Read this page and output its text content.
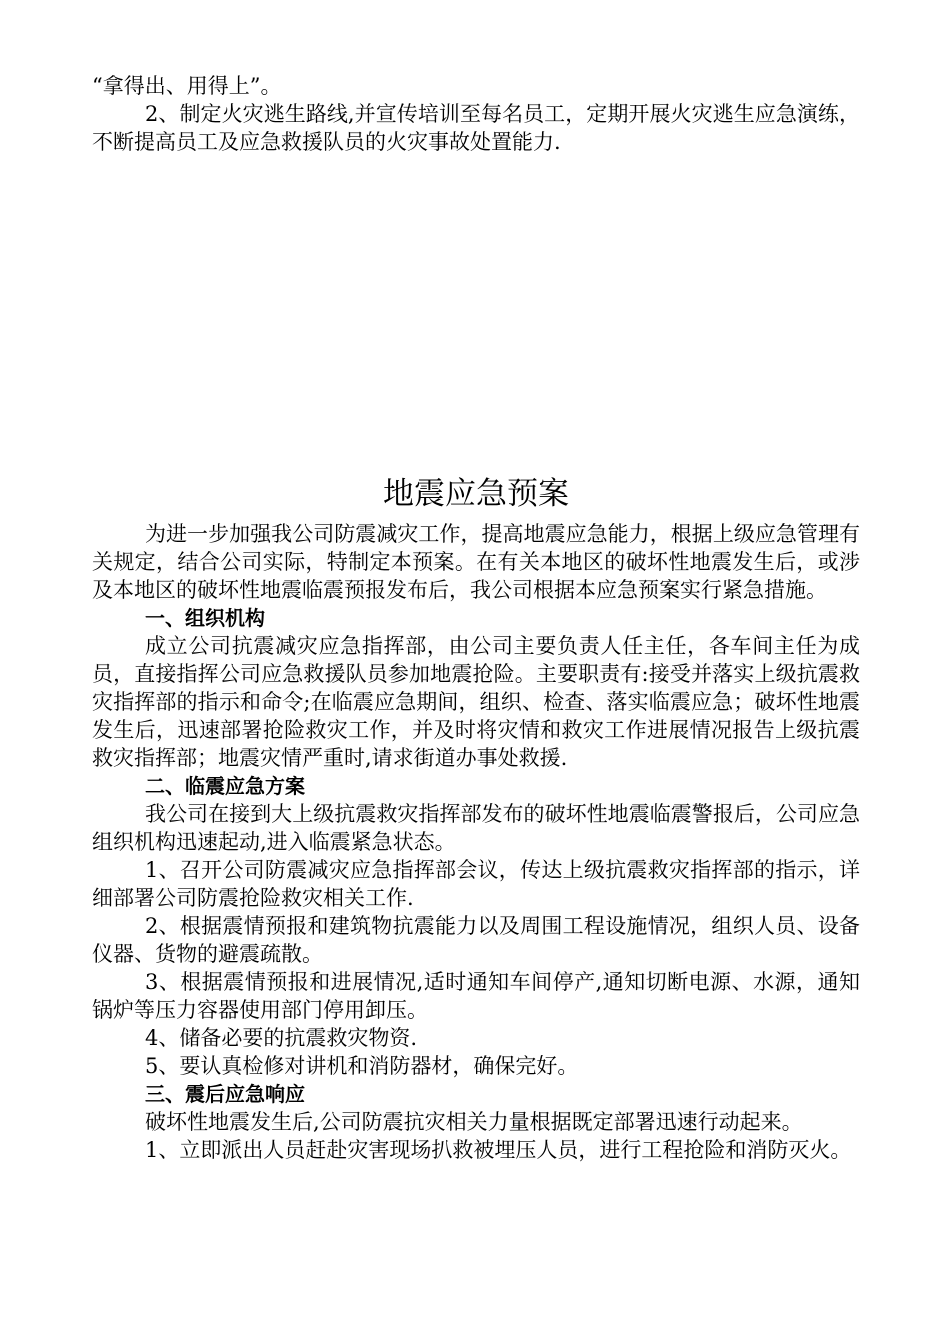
“拿得出、用得上”。

2、制定火灾逃生路线,并宣传培训至每名员工，定期开展火灾逃生应急演练，不断提高员工及应急救援队员的火灾事故处置能力.

地震应急预案

为进一步加强我公司防震减灾工作，提高地震应急能力，根据上级应急管理有关规定，结合公司实际，特制定本预案。在有关本地区的破坏性地震发生后，或涉及本地区的破坏性地震临震预报发布后，我公司根据本应急预案实行紧急措施。

一、组织机构

成立公司抗震减灾应急指挥部，由公司主要负责人任主任，各车间主任为成员，直接指挥公司应急救援队员参加地震抢险。主要职责有:接受并落实上级抗震救灾指挥部的指示和命令;在临震应急期间，组织、检查、落实临震应急；破坏性地震发生后，迅速部署抢险救灾工作，并及时将灾情和救灾工作进展情况报告上级抗震救灾指挥部；地震灾情严重时,请求街道办事处救援.

二、临震应急方案

我公司在接到大上级抗震救灾指挥部发布的破坏性地震临震警报后，公司应急组织机构迅速起动,进入临震紧急状态。

1、召开公司防震减灾应急指挥部会议，传达上级抗震救灾指挥部的指示，详细部署公司防震抢险救灾相关工作.

2、根据震情预报和建筑物抗震能力以及周围工程设施情况，组织人员、设备仪器、货物的避震疏散。

3、根据震情预报和进展情况,适时通知车间停产,通知切断电源、水源，通知锅炉等压力容器使用部门停用卸压。

4、储备必要的抗震救灾物资.

5、要认真检修对讲机和消防器材，确保完好。

三、震后应急响应

破坏性地震发生后,公司防震抗灾相关力量根据既定部署迅速行动起来。

1、立即派出人员赶赴灾害现场扒救被埋压人员，进行工程抢险和消防灭火。
